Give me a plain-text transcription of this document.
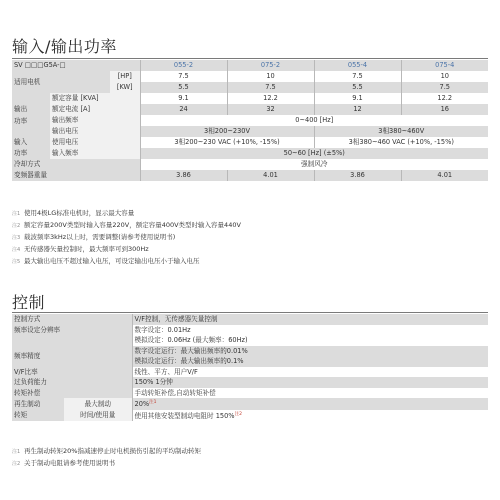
输入/输出功率
SV □□□G5A-□			055-2	075-2	055-4	075-4
适用电机		[HP]	7.5	10	7.5	10
		[KW]	5.5	7.5	5.5	7.5
输出
功率	额定容量 [KVA]		9.1	12.2	9.1	12.2
	额定电流 [A]		24	32	12	16
	输出频率		0~400 [Hz]			
	输出电压		3相200~230V		3相380~460V	
输入
功率	使用电压		3相200~230 VAC (+10%, -15%)		3相380~460 VAC (+10%, -15%)	
	输入频率		50~60 [Hz] (±5%)			
冷却方式			强制风冷			
变频器重量			3.86	4.01	3.86	4.01
注1 使用4极LG标准电机时，显示最大容量
注2 额定容量200V类型时输入容量220V，额定容量400V类型时输入容量440V
注3 载波频率3kHz以上时，需要调整(请参考使用说明书)
注4 无传感器矢量控制时，最大频率可到300Hz
注5 最大输出电压不超过输入电压，可设定输出电压小于输入电压
控制
控制方式		V/F控制，无传感器矢量控制
频率设定分辨率		数字设定：0.01Hz
		模拟设定：0.06Hz (最大频率：60Hz)
频率精度		数字设定运行：最大输出频率的0.01%
		模拟设定运行：最大输出频率的0.1%
V/F比率		线性、平方、用户V/F
过负荷能力		150% 1分钟
转矩补偿		手动转矩补偿,自动转矩补偿
再生制动
转矩	最大制动	20%$^{注1}$
	时间/使用量	使用其他安装型制动电阻时 150%$^{注2}$
注1 再生制动转矩20%指减速停止时电机损伤引起的平均制动转矩
注2 关于制动电阻请参考使用说明书
